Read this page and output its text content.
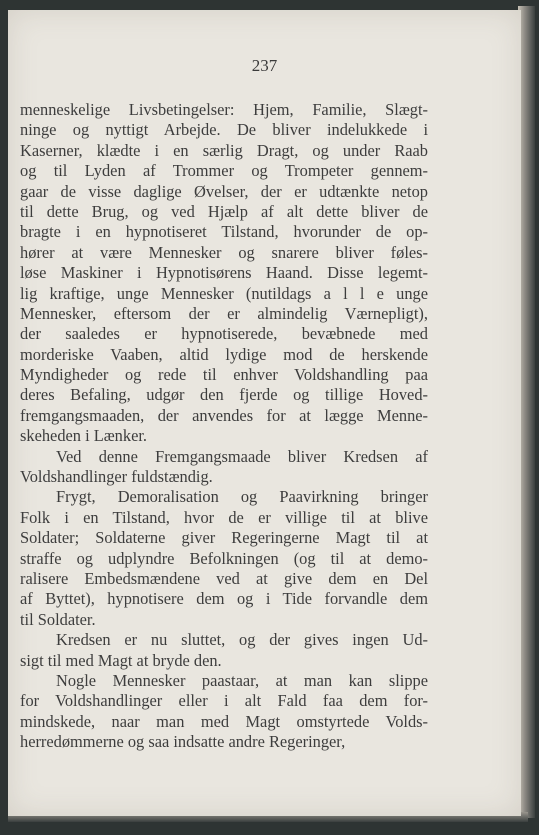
237
menneskelige Livsbetingelser: Hjem, Familie, Slægt-
ninge og nyttigt Arbejde. De bliver indelukkede i
Kaserner, klædte i en særlig Dragt, og under Raab
og til Lyden af Trommer og Trompeter gennem-
gaar de visse daglige Øvelser, der er udtænkte netop
til dette Brug, og ved Hjælp af alt dette bliver de
bragte i en hypnotiseret Tilstand, hvorunder de op-
hører at være Mennesker og snarere bliver føles-
løse Maskiner i Hypnotisørens Haand. Disse legemt-
lig kraftige, unge Mennesker (nutildags a l l e unge
Mennesker, eftersom der er almindelig Værnepligt),
der saaledes er hypnotiserede, bevæbnede med
morderiske Vaaben, altid lydige mod de herskende
Myndigheder og rede til enhver Voldshandling paa
deres Befaling, udgør den fjerde og tillige Hoved-
fremgangsmaaden, der anvendes for at lægge Menne-
skeheden i Lænker.
Ved denne Fremgangsmaade bliver Kredsen af
Voldshandlinger fuldstændig.
Frygt, Demoralisation og Paavirkning bringer
Folk i en Tilstand, hvor de er villige til at blive
Soldater; Soldaterne giver Regeringerne Magt til at
straffe og udplyndre Befolkningen (og til at demo-
ralisere Embedsmændene ved at give dem en Del
af Byttet), hypnotisere dem og i Tide forvandle dem
til Soldater.
Kredsen er nu sluttet, og der gives ingen Ud-
sigt til med Magt at bryde den.
Nogle Mennesker paastaar, at man kan slippe
for Voldshandlinger eller i alt Fald faa dem for-
mindskede, naar man med Magt omstyrtede Volds-
herredømmerne og saa indsatte andre Regeringer,
